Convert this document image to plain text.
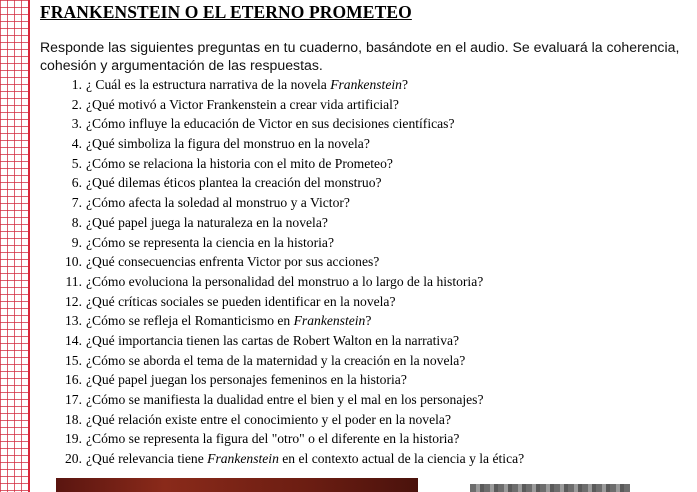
FRANKENSTEIN O EL ETERNO PROMETEO
Responde las siguientes preguntas en tu cuaderno, basándote en el audio. Se evaluará la coherencia,
cohesión y argumentación de las respuestas.
1. ¿ Cuál es la estructura narrativa de la novela Frankenstein?
2. ¿Qué motivó a Victor Frankenstein a crear vida artificial?
3. ¿Cómo influye la educación de Victor en sus decisiones científicas?
4. ¿Qué simboliza la figura del monstruo en la novela?
5. ¿Cómo se relaciona la historia con el mito de Prometeo?
6. ¿Qué dilemas éticos plantea la creación del monstruo?
7. ¿Cómo afecta la soledad al monstruo y a Victor?
8. ¿Qué papel juega la naturaleza en la novela?
9. ¿Cómo se representa la ciencia en la historia?
10. ¿Qué consecuencias enfrenta Victor por sus acciones?
11. ¿Cómo evoluciona la personalidad del monstruo a lo largo de la historia?
12. ¿Qué críticas sociales se pueden identificar en la novela?
13. ¿Cómo se refleja el Romanticismo en Frankenstein?
14. ¿Qué importancia tienen las cartas de Robert Walton en la narrativa?
15. ¿Cómo se aborda el tema de la maternidad y la creación en la novela?
16. ¿Qué papel juegan los personajes femeninos en la historia?
17. ¿Cómo se manifiesta la dualidad entre el bien y el mal en los personajes?
18. ¿Qué relación existe entre el conocimiento y el poder en la novela?
19. ¿Cómo se representa la figura del "otro" o el diferente en la historia?
20. ¿Qué relevancia tiene Frankenstein en el contexto actual de la ciencia y la ética?
